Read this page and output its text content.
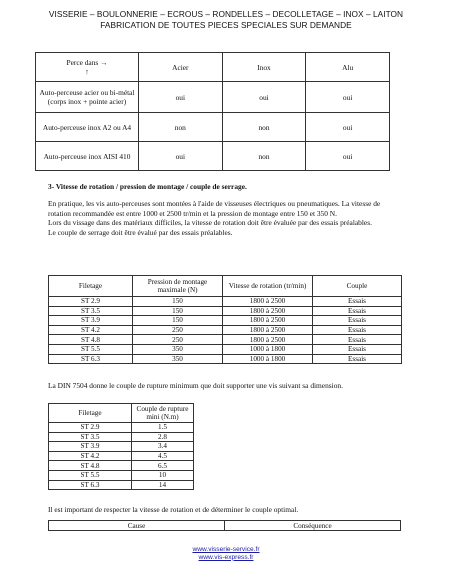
VISSERIE – BOULONNERIE – ECROUS – RONDELLES – DECOLLETAGE – INOX – LAITON
FABRICATION DE TOUTES PIECES SPECIALES SUR DEMANDE
Perce dans →
↑	Acier	Inox	Alu
Auto-perceuse acier ou bi-métal (corps inox + pointe acier)	oui	oui	oui
Auto-perceuse inox A2 ou A4	non	non	oui
Auto-perceuse inox AISI 410	oui	non	oui
3- Vitesse de rotation / pression de montage / couple de serrage.
En pratique, les vis auto-perceuses sont montées à l'aide de visseuses électriques ou pneumatiques. La vitesse de rotation recommandée est entre 1000 et 2500 tr/min et la pression de montage entre 150 et 350 N.
Lors du vissage dans des matériaux difficiles, la vitesse de rotation doit être évaluée par des essais préalables.
Le couple de serrage doit être évalué par des essais préalables.
Filetage	Pression de montage maximale (N)	Vitesse de rotation (tr/min)	Couple
ST 2.9	150	1800 à 2500	Essais
ST 3.5	150	1800 à 2500	Essais
ST 3.9	150	1800 à 2500	Essais
ST 4.2	250	1800 à 2500	Essais
ST 4.8	250	1800 à 2500	Essais
ST 5.5	350	1000 à 1800	Essais
ST 6.3	350	1000 à 1800	Essais
La DIN 7504 donne le couple de rupture minimum que doit supporter une vis suivant sa dimension.
Filetage	Couple de rupture mini (N.m)
ST 2.9	1.5
ST 3.5	2.8
ST 3.9	3.4
ST 4.2	4.5
ST 4.8	6.5
ST 5.5	10
ST 6.3	14
Il est important de respecter la vitesse de rotation et de déterminer le couple optimal.
Cause	Conséquence
www.visserie-service.fr
www.vis-express.fr
